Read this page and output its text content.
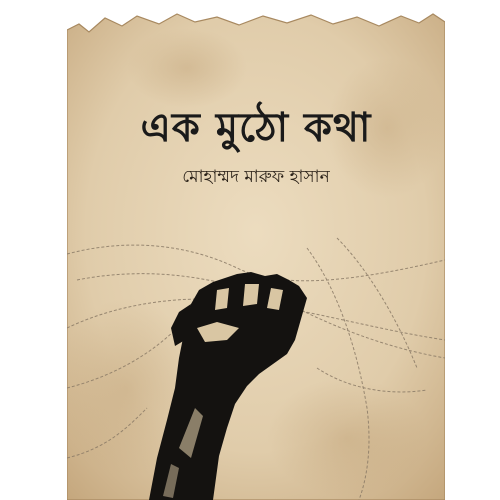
এক মুঠো কথা
মোহাম্মদ মারুফ হাসান
